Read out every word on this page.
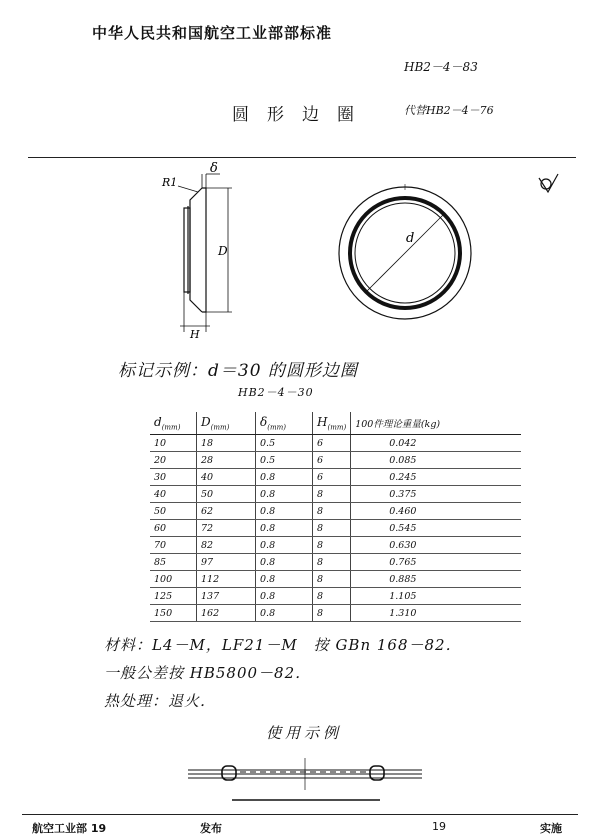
中华人民共和国航空工业部部标准
HB2－4－83
圆形边圈	代替HB2－4－76
R1
δ
D
H
d
标记示例：d＝30 的圆形边圈
HB2－4－30
$d_{(mm)}$	$D_{(mm)}$	$\delta_{(mm)}$	$H_{(mm)}$	100件理论重量(kg)
10	18	0.5	6	0.042
20	28	0.5	6	0.085
30	40	0.8	6	0.245
40	50	0.8	8	0.375
50	62	0.8	8	0.460
60	72	0.8	8	0.545
70	82	0.8	8	0.630
85	97	0.8	8	0.765
100	112	0.8	8	0.885
125	137	0.8	8	1.105
150	162	0.8	8	1.310
材料：L4－M，LF21－M　按 GBn 168－82．
一般公差按 HB5800－82．
热处理：退火．
使用示例
航空工业部 19	发布	19	实施
